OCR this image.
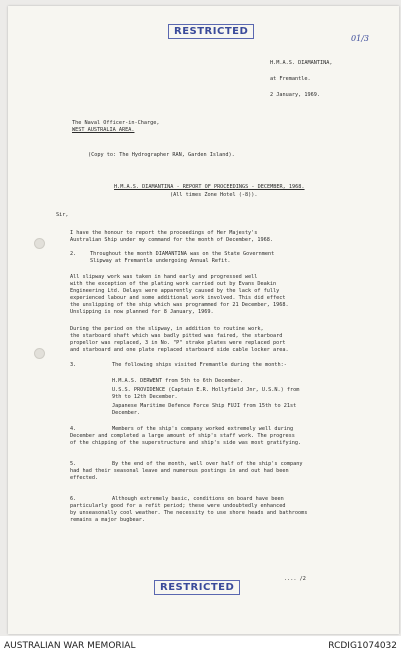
RESTRICTED
01/3
H.M.A.S. DIAMANTINA,
at Fremantle.
2 January, 1969.
The Naval Officer-in-Charge,
WEST AUSTRALIA AREA.
(Copy to: The Hydrographer RAN, Garden Island).
H.M.A.S. DIAMANTINA - REPORT OF PROCEEDINGS - DECEMBER, 1968.
(All times Zone Hotel (-8)).
Sir,
I have the honour to report the proceedings of Her Majesty's
Australian Ship under my command for the month of December, 1968.
2.	Throughout the month DIAMANTINA was on the State Government
Slipway at Fremantle undergoing Annual Refit.
All slipway work was taken in hand early and progressed well
with the exception of the plating work carried out by Evans Deakin
Engineering Ltd. Delays were apparently caused by the lack of fully
experienced labour and some additional work involved. This did effect
the unslipping of the ship which was programmed for 21 December, 1968.
Unslipping is now planned for 8 January, 1969.
During the period on the slipway, in addition to routine work,
the starboard shaft which was badly pitted was faired, the starboard
propellor was replaced, 3 in No. "P" strake plates were replaced port
and starboard and one plate replaced starboard side cable locker area.
3.	The following ships visited Fremantle during the month:-
H.M.A.S. DERWENT from 5th to 6th December.
U.S.S. PROVIDENCE (Captain E.R. Hollyfield Jnr, U.S.N.) from
9th to 12th December.
Japanese Maritime Defence Force Ship FUJI from 15th to 21st
December.
4.	Members of the ship's company worked extremely well during
December and completed a large amount of ship's staff work. The progress
of the chipping of the superstructure and ship's side was most gratifying.
5.	By the end of the month, well over half of the ship's company
had had their seasonal leave and numerous postings in and out had been
effected.
6.	Although extremely basic, conditions on board have been
particularly good for a refit period; these were undoubtedly enhanced
by unseasonally cool weather. The necessity to use shore heads and bathrooms
remains a major bugbear.
.... /2
RESTRICTED
AUSTRALIAN WAR MEMORIAL	RCDIG1074032
